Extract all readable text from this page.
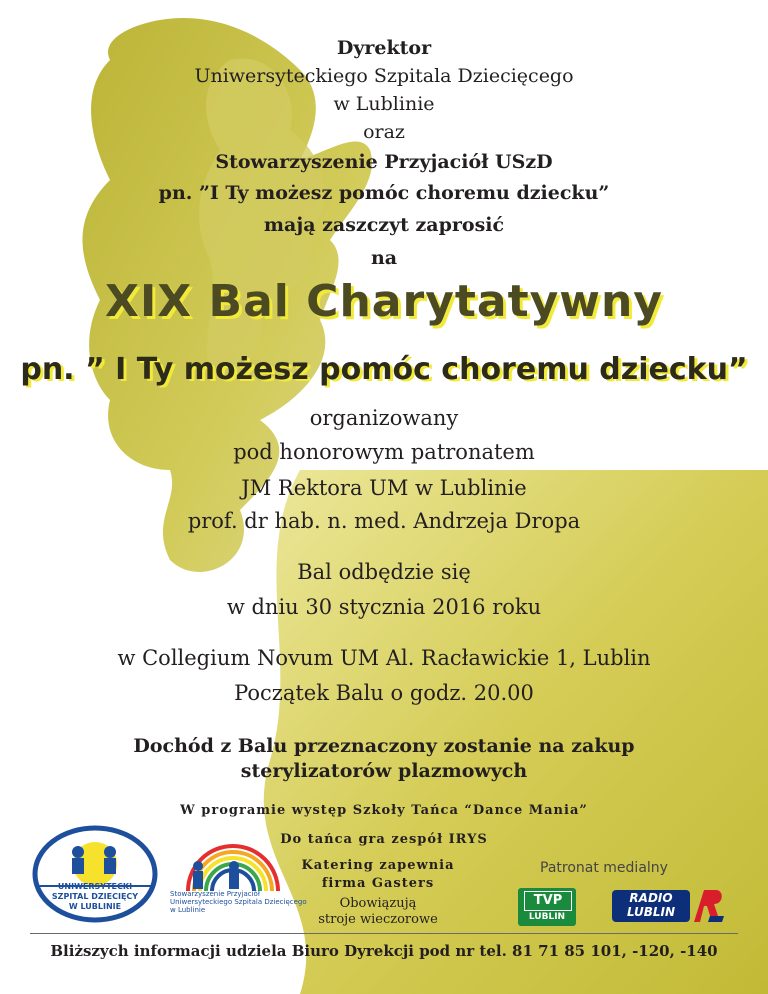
Dyrektor
Uniwersyteckiego Szpitala Dziecięcego
w Lublinie
oraz
Stowarzyszenie Przyjaciół USzD
pn. ”I Ty możesz pomóc choremu dziecku”
mają zaszczyt zaprosić
na
XIX Bal Charytatywny
pn. ” I Ty możesz pomóc choremu dziecku”
organizowany
pod honorowym patronatem
JM Rektora UM w Lublinie
prof. dr hab. n. med. Andrzeja Dropa
Bal odbędzie się
w dniu 30 stycznia 2016 roku
w Collegium Novum UM Al. Racławickie 1, Lublin
Początek Balu o godz. 20.00
Dochód z Balu przeznaczony zostanie na zakup
sterylizatorów plazmowych
W programie występ Szkoły Tańca “Dance Mania”
Do tańca gra zespół IRYS
Katering zapewnia
firma Gasters
Obowiązują
stroje wieczorowe
Patronat medialny
UNIWERSYTECKI
SZPITAL DZIECIĘCY
W LUBLINIE
Stowarzyszenie Przyjaciół
Uniwersyteckiego Szpitala Dziecięcego
w Lublinie
TVP
LUBLIN
RADIO
LUBLIN
Bliższych informacji udziela Biuro Dyrekcji pod nr tel. 81 71 85 101, -120, -140
